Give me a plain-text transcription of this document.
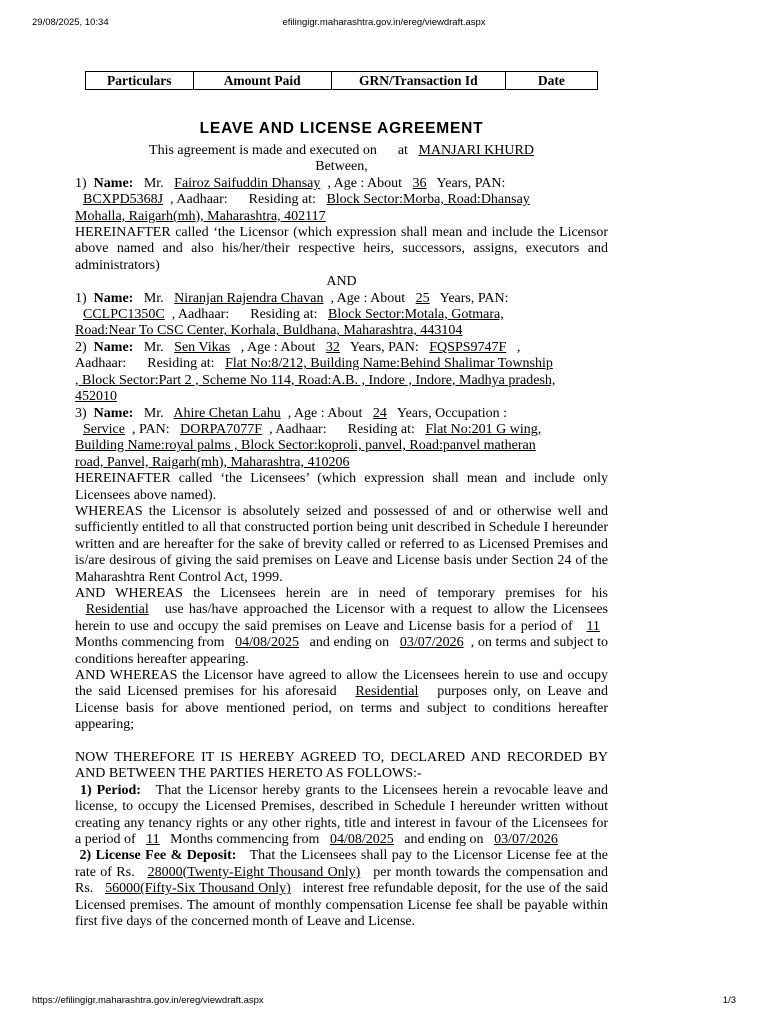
29/08/2025, 10:34	efilingigr.maharashtra.gov.in/ereg/viewdraft.aspx
Particulars	Amount Paid	GRN/Transaction Id	Date
LEAVE AND LICENSE AGREEMENT

This agreement is made and executed on      at   MANJARI KHURD

Between,

1) Name: Mr. Fairoz Saifuddin Dhansay , Age : About 36 Years, PAN:

BCXPD5368J , Aadhaar:      Residing at: Block Sector:Morba, Road:Dhansay

Mohalla, Raigarh(mh), Maharashtra, 402117

HEREINAFTER called ‘the Licensor (which expression shall mean and include the Licensor above named and also his/her/their respective heirs, successors, assigns, executors and administrators)

AND

1) Name: Mr. Niranjan Rajendra Chavan , Age : About 25 Years, PAN:

CCLPC1350C , Aadhaar:      Residing at: Block Sector:Motala, Gotmara,

Road:Near To CSC Center, Korhala, Buldhana, Maharashtra, 443104

2) Name: Mr. Sen Vikas , Age : About 32 Years, PAN: FQSPS9747F ,

Aadhaar:      Residing at: Flat No:8/212, Building Name:Behind Shalimar Township

, Block Sector:Part 2 , Scheme No 114, Road:A.B. , Indore , Indore, Madhya pradesh,

452010

3) Name: Mr. Ahire Chetan Lahu , Age : About 24 Years, Occupation :

Service , PAN: DORPA7077F , Aadhaar:      Residing at: Flat No:201 G wing,

Building Name:royal palms , Block Sector:koproli, panvel, Road:panvel matheran

road, Panvel, Raigarh(mh), Maharashtra, 410206

HEREINAFTER called ‘the Licensees’ (which expression shall mean and include only Licensees above named).

WHEREAS the Licensor is absolutely seized and possessed of and or otherwise well and sufficiently entitled to all that constructed portion being unit described in Schedule I hereunder written and are hereafter for the sake of brevity called or referred to as Licensed Premises and is/are desirous of giving the said premises on Leave and License basis under Section 24 of the Maharashtra Rent Control Act, 1999.

AND WHEREAS the Licensees herein are in need of temporary premises for his   Residential use has/have approached the Licensor with a request to allow the Licensees herein to use and occupy the said premises on Leave and License basis for a period of 11   Months commencing from 04/08/2025 and ending on 03/07/2026 , on terms and subject to conditions hereafter appearing.

AND WHEREAS the Licensor have agreed to allow the Licensees herein to use and occupy the said Licensed premises for his aforesaid Residential purposes only, on Leave and License basis for above mentioned period, on terms and subject to conditions hereafter appearing;

NOW THEREFORE IT IS HEREBY AGREED TO, DECLARED AND RECORDED BY AND BETWEEN THE PARTIES HERETO AS FOLLOWS:-

1) Period: That the Licensor hereby grants to the Licensees herein a revocable leave and license, to occupy the Licensed Premises, described in Schedule I hereunder written without creating any tenancy rights or any other rights, title and interest in favour of the Licensees for a period of 11 Months commencing from 04/08/2025 and ending on 03/07/2026

2) License Fee & Deposit: That the Licensees shall pay to the Licensor License fee at the rate of Rs. 28000(Twenty-Eight Thousand Only) per month towards the compensation and Rs. 56000(Fifty-Six Thousand Only) interest free refundable deposit, for the use of the said Licensed premises. The amount of monthly compensation License fee shall be payable within first five days of the concerned month of Leave and License.

https://efilingigr.maharashtra.gov.in/ereg/viewdraft.aspx	1/3
